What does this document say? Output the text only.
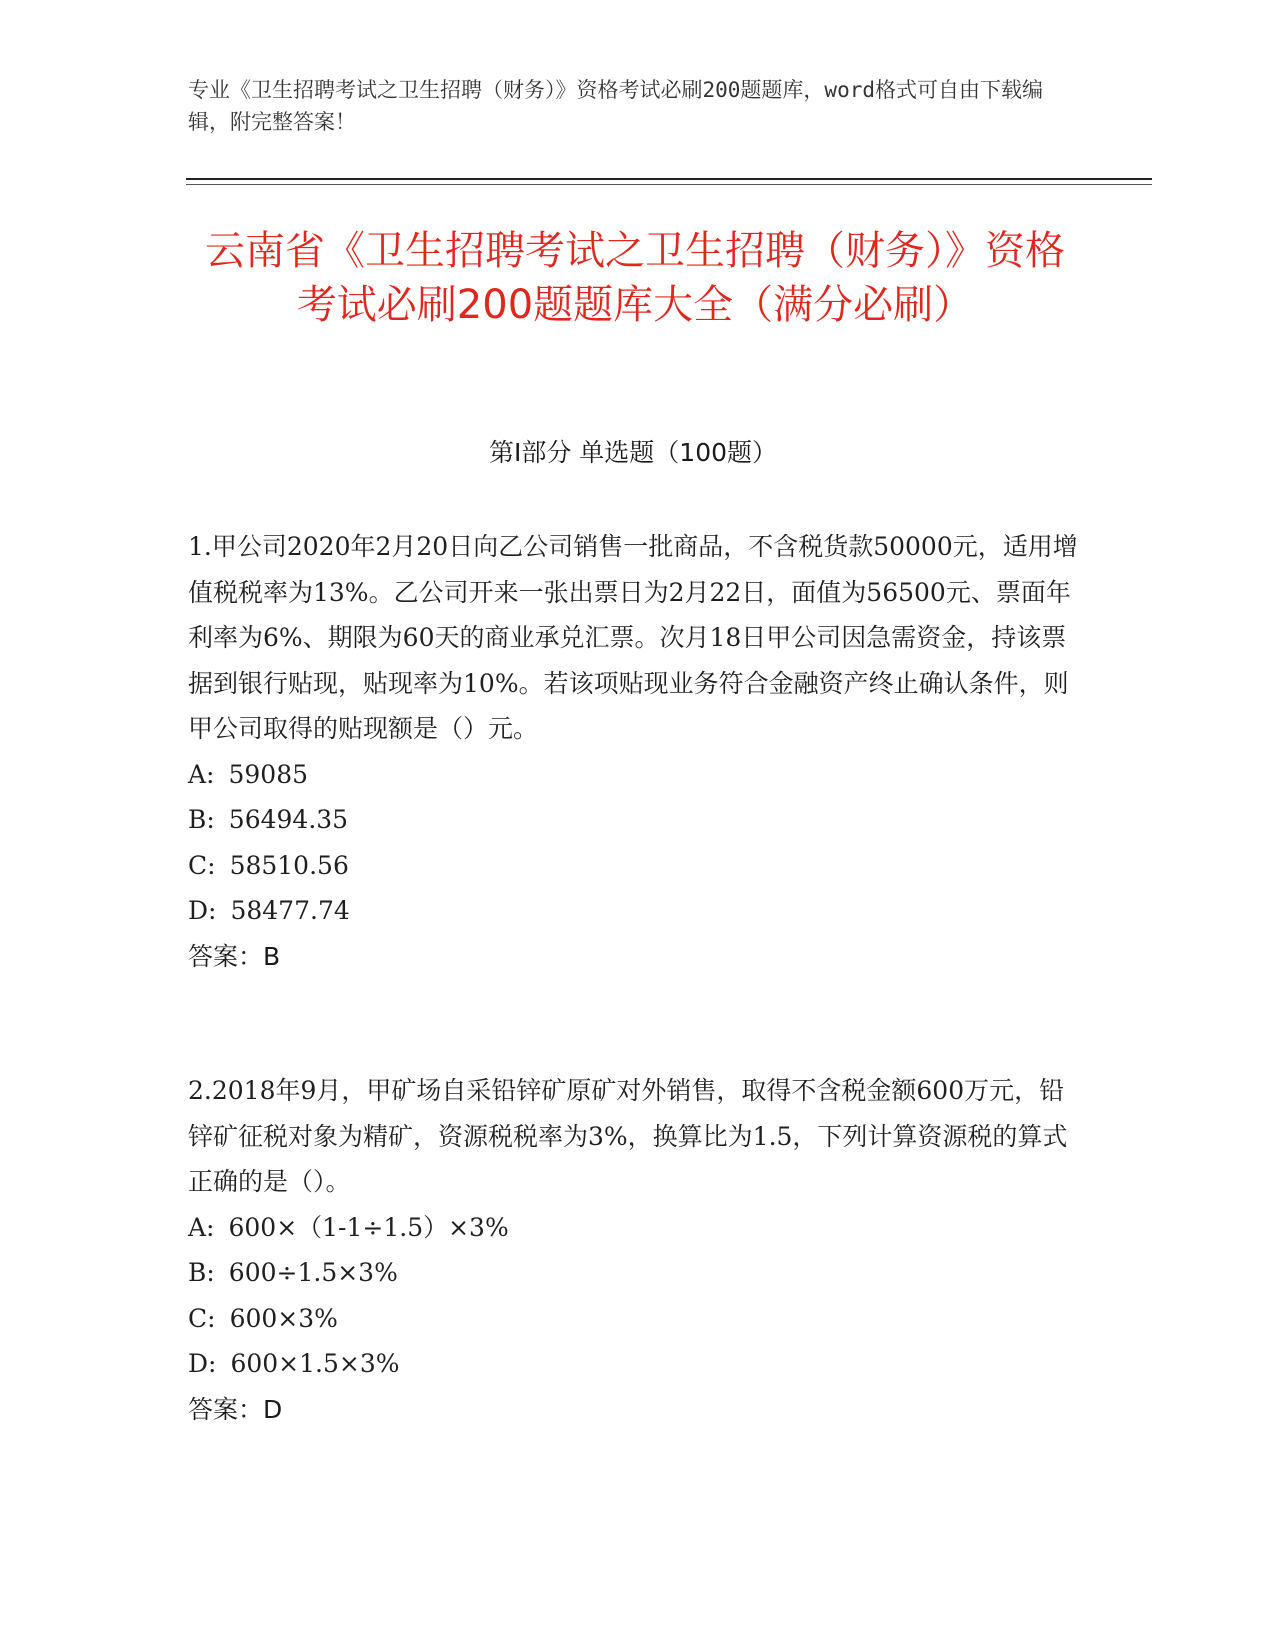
专业《卫生招聘考试之卫生招聘（财务）》资格考试必刷200题题库，word格式可自由下载编辑，附完整答案！
云南省《卫生招聘考试之卫生招聘（财务）》资格考试必刷200题题库大全（满分必刷）
第I部分 单选题（100题）

1.甲公司2020年2月20日向乙公司销售一批商品，不含税货款50000元，适用增值税税率为13%。乙公司开来一张出票日为2月22日，面值为56500元、票面年利率为6%、期限为60天的商业承兑汇票。次月18日甲公司因急需资金，持该票据到银行贴现，贴现率为10%。若该项贴现业务符合金融资产终止确认条件，则甲公司取得的贴现额是（）元。

A: 59085

B: 56494.35

C: 58510.56

D: 58477.74

答案：B

2.2018年9月，甲矿场自采铅锌矿原矿对外销售，取得不含税金额600万元，铅锌矿征税对象为精矿，资源税税率为3%，换算比为1.5，下列计算资源税的算式正确的是（）。

A: 600×（1-1÷1.5）×3%

B: 600÷1.5×3%

C: 600×3%

D: 600×1.5×3%

答案：D
